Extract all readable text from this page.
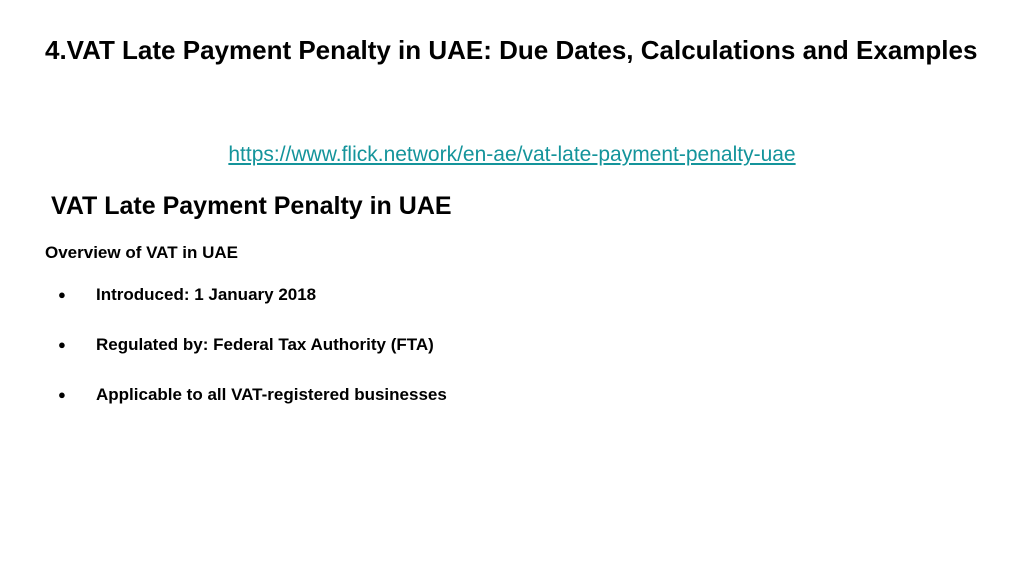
4.VAT Late Payment Penalty in UAE: Due Dates, Calculations and Examples
https://www.flick.network/en-ae/vat-late-payment-penalty-uae
VAT Late Payment Penalty in UAE
Overview of VAT in UAE
● Introduced: 1 January 2018
● Regulated by: Federal Tax Authority (FTA)
● Applicable to all VAT-registered businesses
